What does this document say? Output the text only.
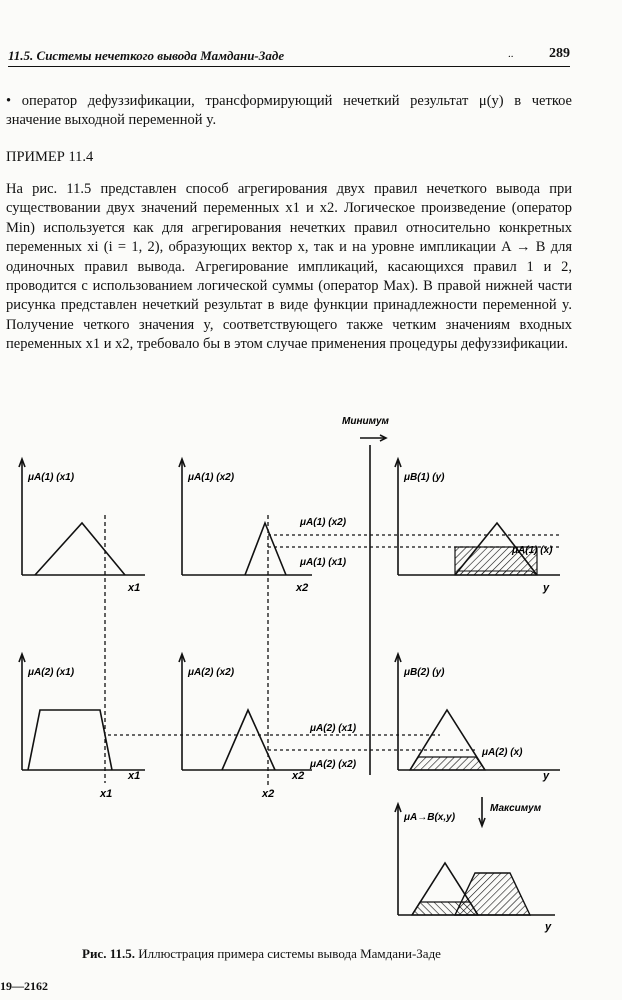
11.5. Системы нечеткого вывода Мамдани-Заде	..	289
• оператор дефуззификации, трансформирующий нечеткий результат μ(y) в четкое значение выходной переменной y.
ПРИМЕР 11.4
На рис. 11.5 представлен способ агрегирования двух правил нечеткого вывода при существовании двух значений переменных x1 и x2. Логическое произведение (оператор Min) используется как для агрегирования нечетких правил относительно конкретных переменных xi (i = 1, 2), образующих вектор x, так и на уровне импликации A → B для одиночных правил вывода. Агрегирование импликаций, касающихся правил 1 и 2, проводится с использованием логической суммы (оператор Max). В правой нижней части рисунка представлен нечеткий результат в виде функции принадлежности переменной y. Получение четкого значения y, соответствующего также четким значениям входных переменных x1 и x2, требовало бы в этом случае применения процедуры дефуззификации.
Минимум
Максимум
μA(1) (x1)	μA(1) (x2)	μB(1) (y)
μA(1) (x2)
μA(1) (x1)
μA(1) (x)
μA(2) (x1)	μA(2) (x2)	μB(2) (y)
μA(2) (x1)
μA(2) (x2)
μA(2) (x)
μA→B(x,y)
x1	x2	y
x1	x2	y
x1	x2
y
Рис. 11.5. Иллюстрация примера системы вывода Мамдани-Заде
19—2162
